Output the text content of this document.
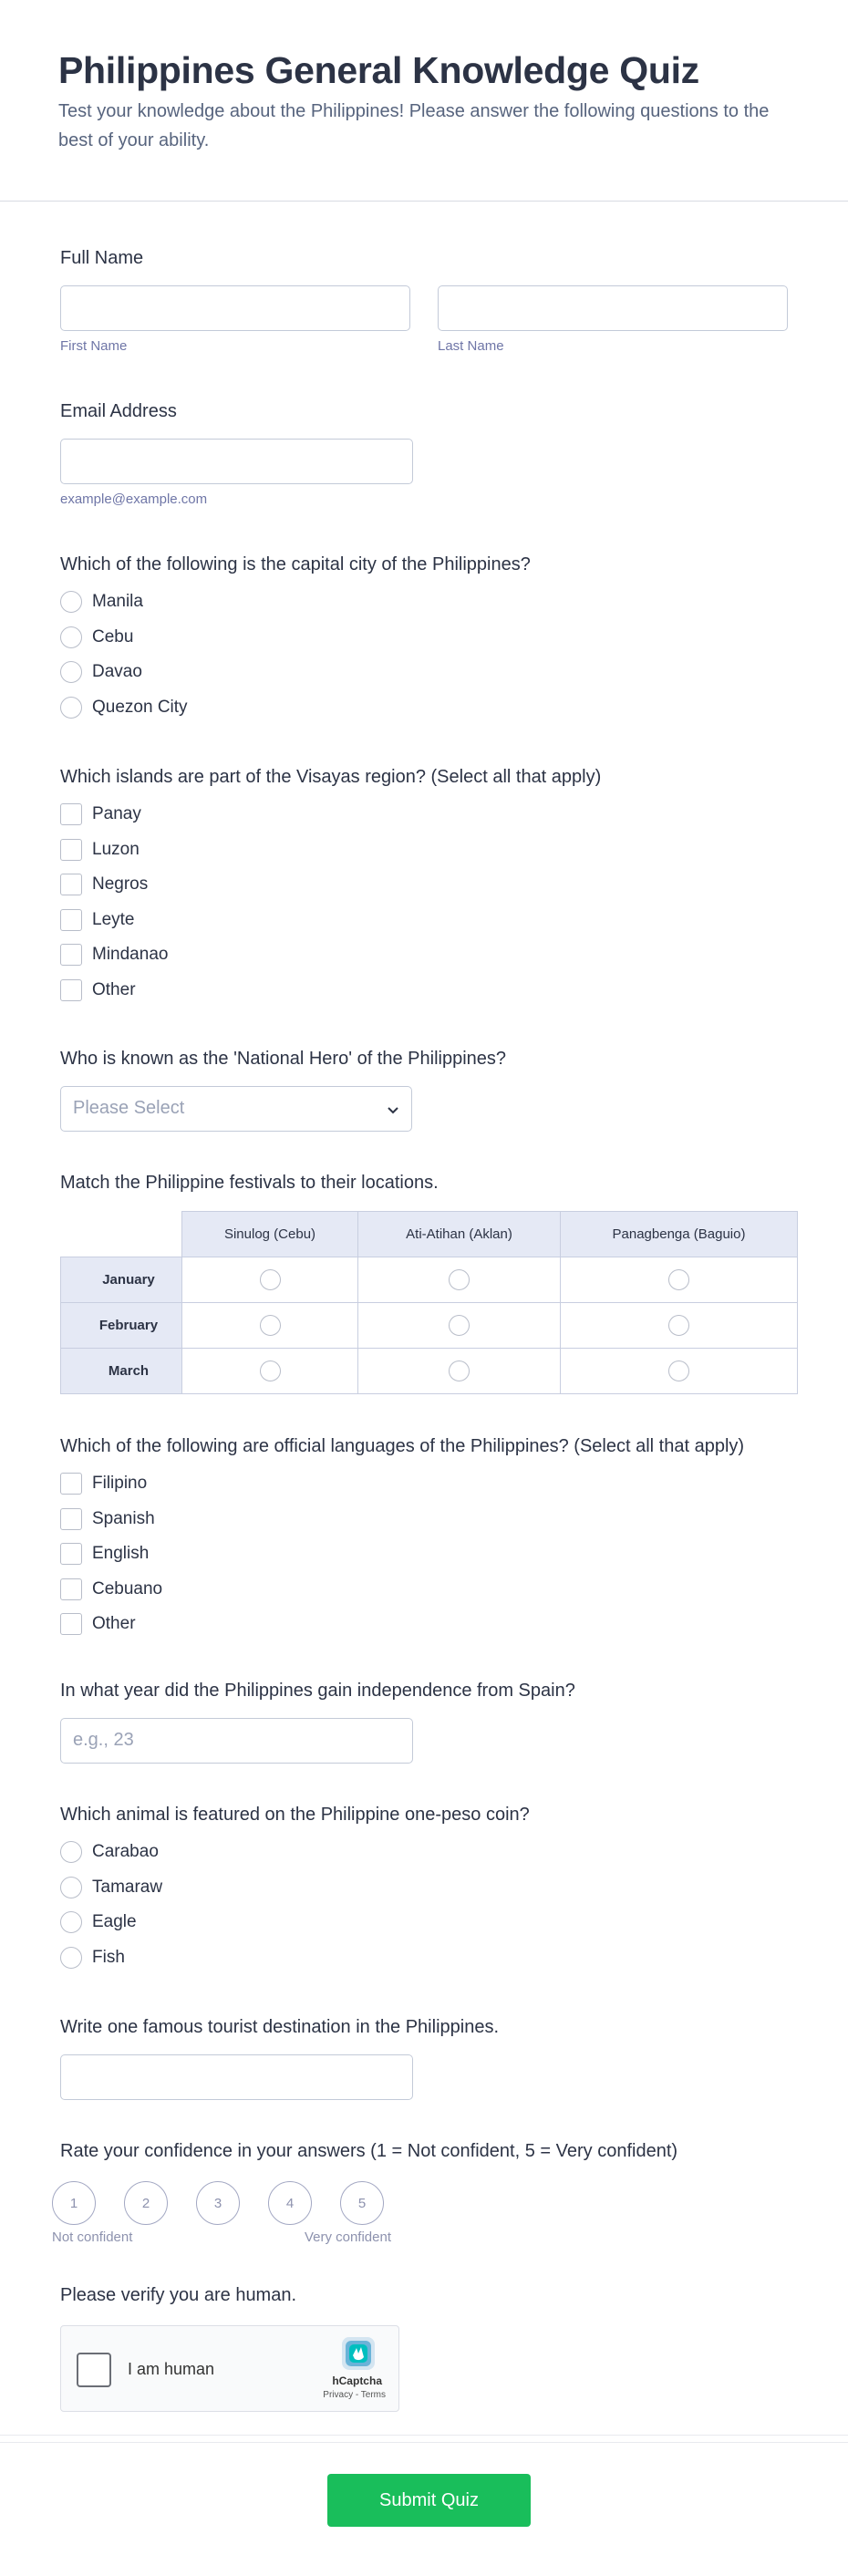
Philippines General Knowledge Quiz

Test your knowledge about the Philippines! Please answer the following questions to the best of your ability.

Full Name
First Name	Last Name
Email Address
example@example.com
Which of the following is the capital city of the Philippines?
Manila
Cebu
Davao
Quezon City
Which islands are part of the Visayas region? (Select all that apply)
Panay
Luzon
Negros
Leyte
Mindanao
Other
Who is known as the 'National Hero' of the Philippines?
Please Select
Match the Philippine festivals to their locations.
	Sinulog (Cebu)	Ati-Atihan (Aklan)	Panagbenga (Baguio)
January			
February			
March			
Which of the following are official languages of the Philippines? (Select all that apply)
Filipino
Spanish
English
Cebuano
Other
In what year did the Philippines gain independence from Spain?
e.g., 23
Which animal is featured on the Philippine one-peso coin?
Carabao
Tamaraw
Eagle
Fish
Write one famous tourist destination in the Philippines.
Rate your confidence in your answers (1 = Not confident, 5 = Very confident)
1	2	3	4	5
Not confident	Very confident
Please verify you are human.
I am human
hCaptcha
Privacy - Terms
Submit Quiz
